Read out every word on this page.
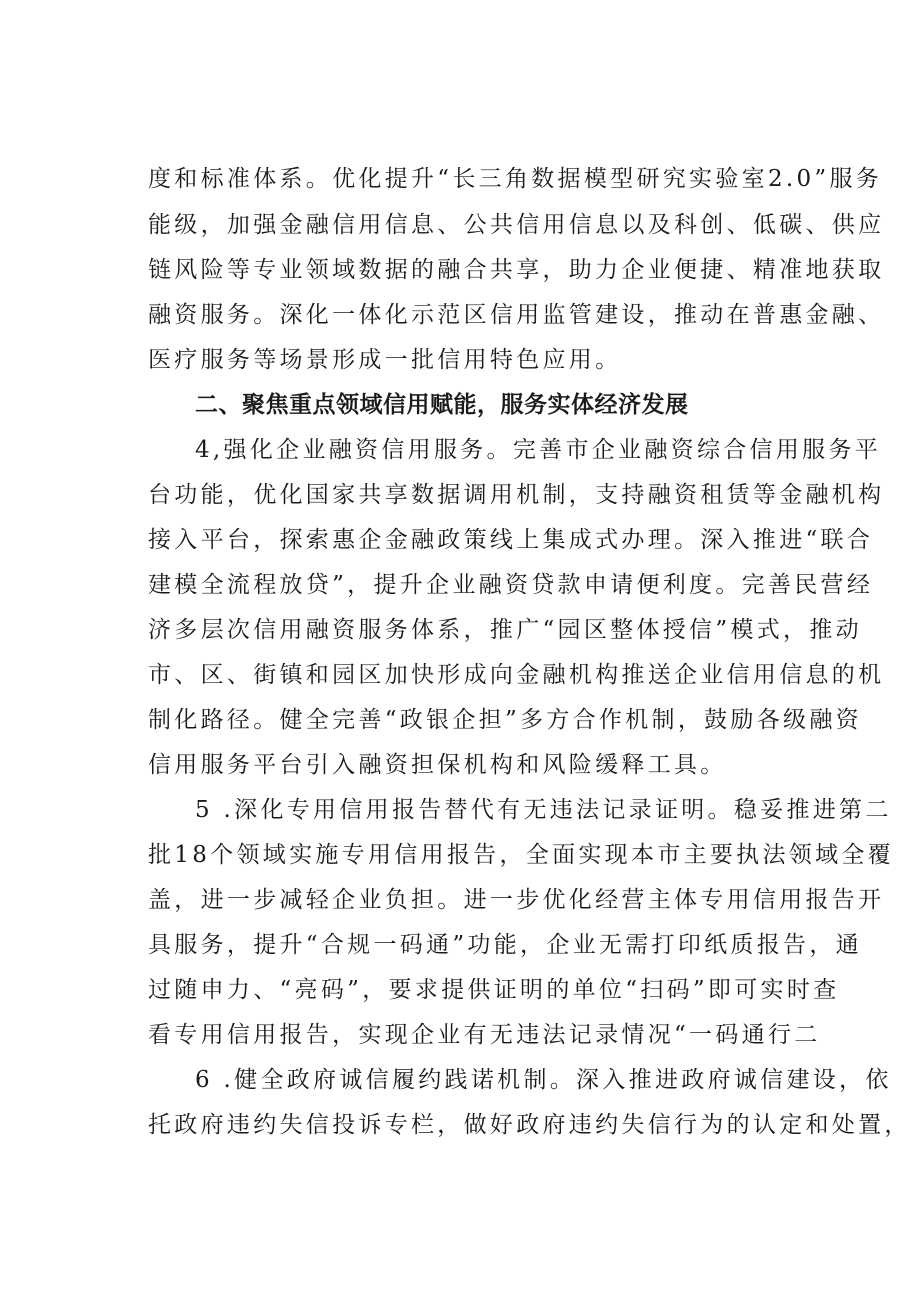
度和标准体系。优化提升“长三角数据模型研究实验室2.0”服务
能级，加强金融信用信息、公共信用信息以及科创、低碳、供应
链风险等专业领域数据的融合共享，助力企业便捷、精准地获取
融资服务。深化一体化示范区信用监管建设，推动在普惠金融、
医疗服务等场景形成一批信用特色应用。
二、聚焦重点领域信用赋能，服务实体经济发展
4,强化企业融资信用服务。完善市企业融资综合信用服务平
台功能，优化国家共享数据调用机制，支持融资租赁等金融机构
接入平台，探索惠企金融政策线上集成式办理。深入推进“联合
建模全流程放贷”，提升企业融资贷款申请便利度。完善民营经
济多层次信用融资服务体系，推广“园区整体授信”模式，推动
市、区、街镇和园区加快形成向金融机构推送企业信用信息的机
制化路径。健全完善“政银企担”多方合作机制，鼓励各级融资
信用服务平台引入融资担保机构和风险缓释工具。
5 .深化专用信用报告替代有无违法记录证明。稳妥推进第二
批18个领域实施专用信用报告，全面实现本市主要执法领域全覆
盖，进一步减轻企业负担。进一步优化经营主体专用信用报告开
具服务，提升“合规一码通”功能，企业无需打印纸质报告，通
过随申力、“亮码”，要求提供证明的单位“扫码”即可实时查
看专用信用报告，实现企业有无违法记录情况“一码通行二
6 .健全政府诚信履约践诺机制。深入推进政府诚信建设，依
托政府违约失信投诉专栏，做好政府违约失信行为的认定和处置，
